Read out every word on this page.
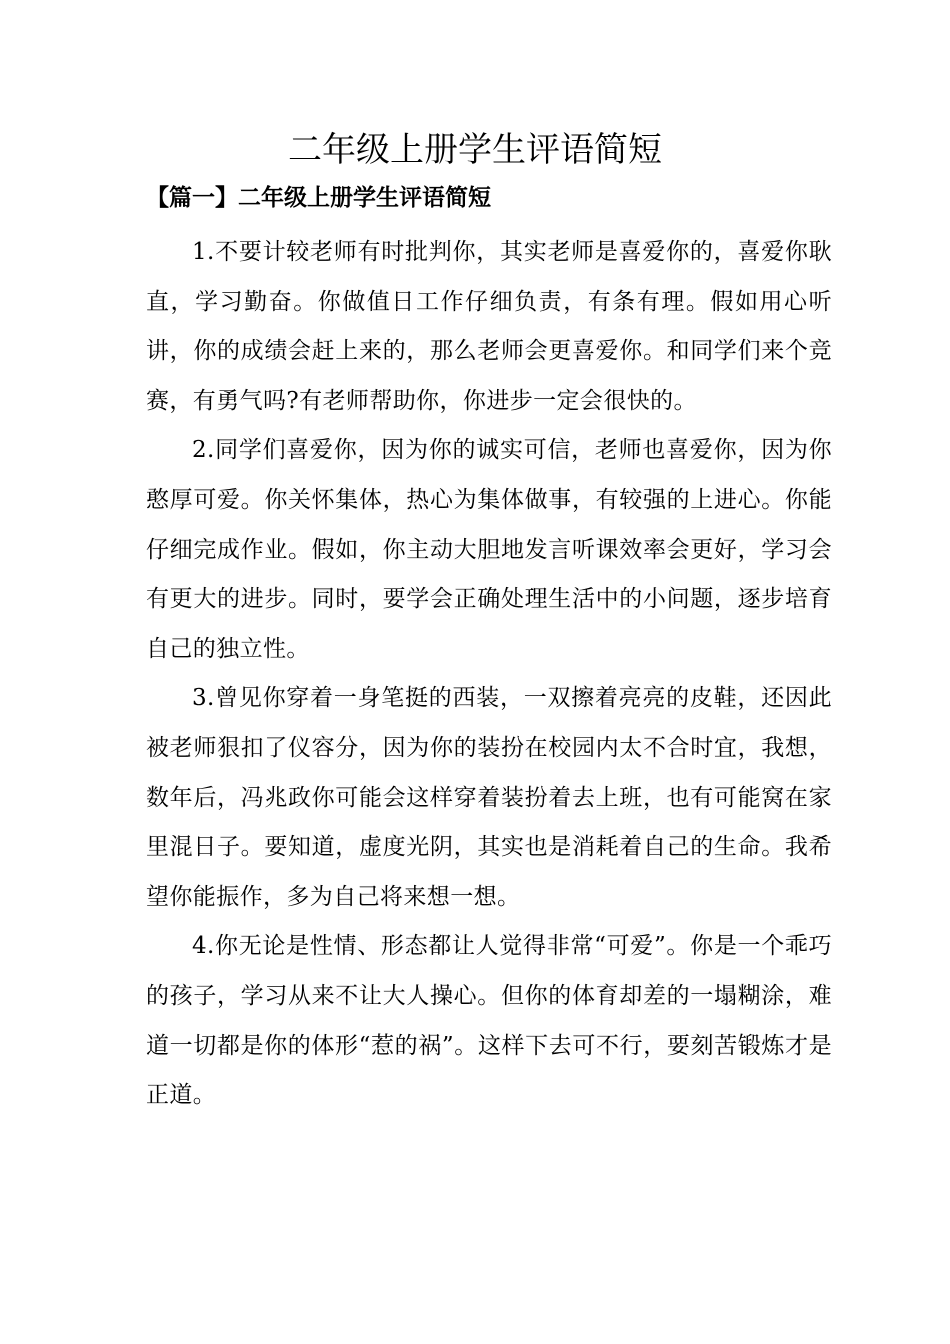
二年级上册学生评语简短
【篇一】二年级上册学生评语简短

1.不要计较老师有时批判你，其实老师是喜爱你的，喜爱你耿直，学习勤奋。你做值日工作仔细负责，有条有理。假如用心听讲，你的成绩会赶上来的，那么老师会更喜爱你。和同学们来个竞赛，有勇气吗?有老师帮助你，你进步一定会很快的。

2.同学们喜爱你，因为你的诚实可信，老师也喜爱你，因为你憨厚可爱。你关怀集体，热心为集体做事，有较强的上进心。你能仔细完成作业。假如，你主动大胆地发言听课效率会更好，学习会有更大的进步。同时，要学会正确处理生活中的小问题，逐步培育自己的独立性。

3.曾见你穿着一身笔挺的西装，一双擦着亮亮的皮鞋，还因此被老师狠扣了仪容分，因为你的装扮在校园内太不合时宜，我想，数年后，冯兆政你可能会这样穿着装扮着去上班，也有可能窝在家里混日子。要知道，虚度光阴，其实也是消耗着自己的生命。我希望你能振作，多为自己将来想一想。

4.你无论是性情、形态都让人觉得非常“可爱”。你是一个乖巧的孩子，学习从来不让大人操心。但你的体育却差的一塌糊涂，难道一切都是你的体形“惹的祸”。这样下去可不行，要刻苦锻炼才是正道。
